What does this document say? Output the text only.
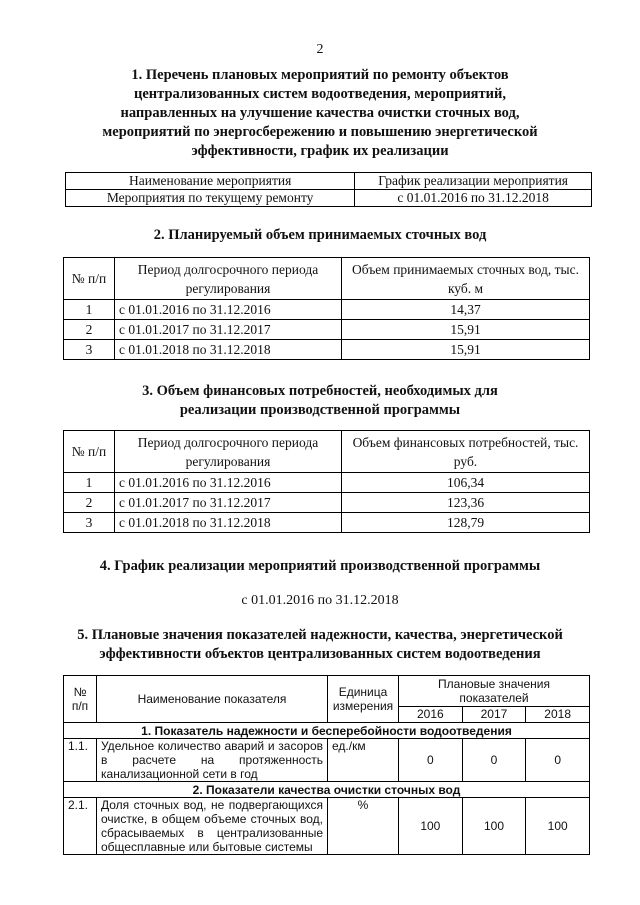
2
1. Перечень плановых мероприятий по ремонту объектов
централизованных систем водоотведения, мероприятий,
направленных на улучшение качества очистки сточных вод,
мероприятий по энергосбережению и повышению энергетической
эффективности, график их реализации
Наименование мероприятия	График реализации мероприятия
Мероприятия по текущему ремонту	с 01.01.2016 по 31.12.2018
2. Планируемый объем принимаемых сточных вод
№ п/п	Период долгосрочного периода регулирования	Объем принимаемых сточных вод, тыс. куб. м
1	с 01.01.2016 по 31.12.2016	14,37
2	с 01.01.2017 по 31.12.2017	15,91
3	с 01.01.2018 по 31.12.2018	15,91
3. Объем финансовых потребностей, необходимых для
реализации производственной программы
№ п/п	Период долгосрочного периода регулирования	Объем финансовых потребностей, тыс. руб.
1	с 01.01.2016 по 31.12.2016	106,34
2	с 01.01.2017 по 31.12.2017	123,36
3	с 01.01.2018 по 31.12.2018	128,79
4. График реализации мероприятий производственной программы
с 01.01.2016 по 31.12.2018
5. Плановые значения показателей надежности, качества, энергетической
эффективности объектов централизованных систем водоотведения
№ п/п	Наименование показателя	Единица измерения	Плановые значения показателей		
			2016	2017	2018
1. Показатель надежности и бесперебойности водоотведения					
1.1.	Удельное количество аварий и засоров в расчете на протяженность канализационной сети в год	ед./км	0	0	0
2. Показатели качества очистки сточных вод					
2.1.	Доля сточных вод, не подвергающихся очистке, в общем объеме сточных вод, сбрасываемых в централизованные общесплавные или бытовые системы	%	100	100	100
